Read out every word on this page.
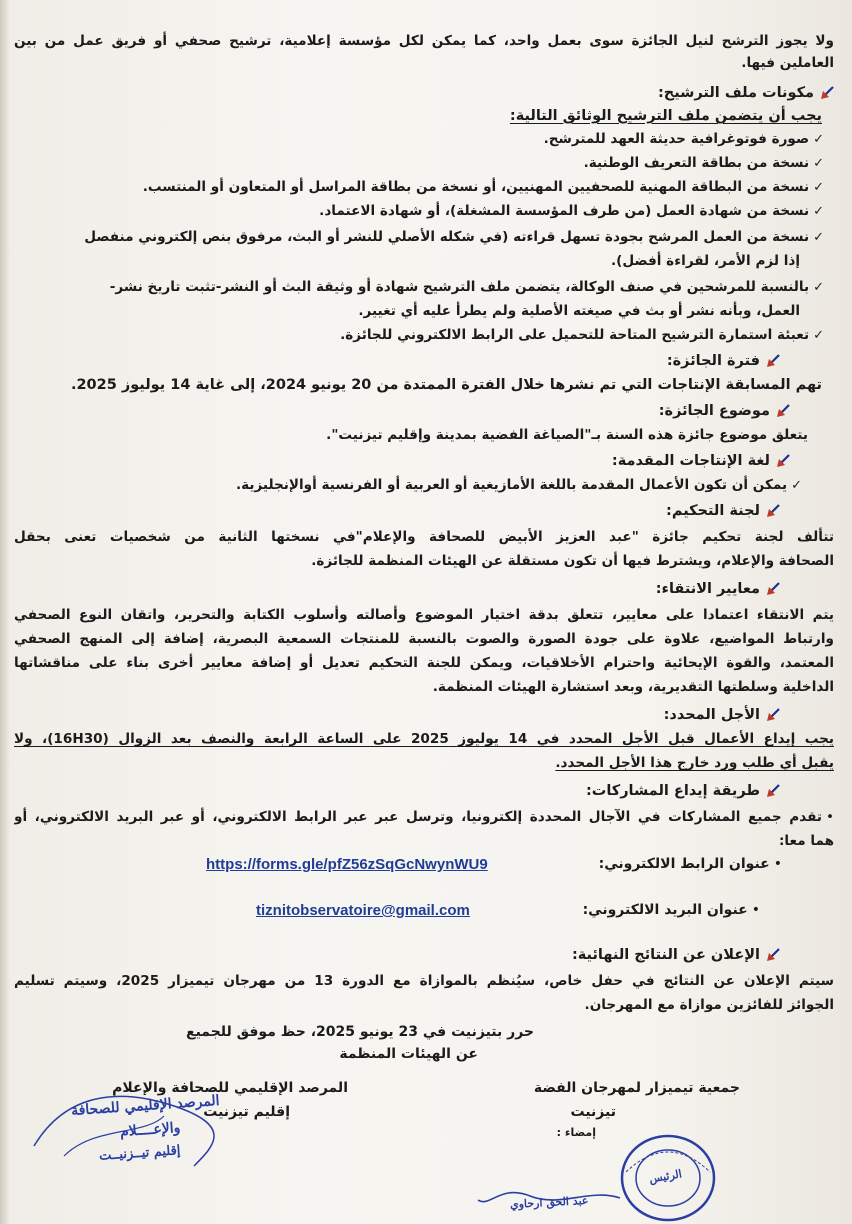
ولا يجوز الترشح لنيل الجائزة سوى بعمل واحد، كما يمكن لكل مؤسسة إعلامية، ترشيح صحفي أو فريق عمل من بين
العاملين فيها.
مكونات ملف الترشيح:
يجب أن يتضمن ملف الترشيح الوثائق التالية:
✓صورة فوتوغرافية حديثة العهد للمترشح.
✓نسخة من بطاقة التعريف الوطنية.
✓نسخة من البطاقة المهنية للصحفيين المهنيين، أو نسخة من بطاقة المراسل أو المتعاون أو المنتسب.
✓نسخة من شهادة العمل (من طرف المؤسسة المشغلة)، أو شهادة الاعتماد.
✓نسخة من العمل المرشح بجودة تسهل قراءته (في شكله الأصلي للنشر أو البث، مرفوق بنص إلكتروني منفصل
إذا لزم الأمر، لقراءة أفضل).
✓بالنسبة للمرشحين في صنف الوكالة، يتضمن ملف الترشيح شهادة أو وثيقة البث أو النشر-تثبت تاريخ نشر-
العمل، وبأنه نشر أو بث في صيغته الأصلية ولم يطرأ عليه أي تغيير.
✓تعبئة استمارة الترشيح المتاحة للتحميل على الرابط الالكتروني للجائزة.
فترة الجائزة:
تهم المسابقة الإنتاجات التي تم نشرها خلال الفترة الممتدة من 20 يونيو 2024، إلى غاية 14 يوليوز 2025.
موضوع الجائزة:
يتعلق موضوع جائزة هذه السنة بـ"الصياغة الفضية بمدينة وإقليم تيزنيت".
لغة الإنتاجات المقدمة:
✓يمكن أن تكون الأعمال المقدمة باللغة الأمازيغية أو العربية أو الفرنسية أوالإنجليزية.
لجنة التحكيم:
تتألف لجنة تحكيم جائزة "عبد العزيز الأبيض للصحافة والإعلام"في نسختها الثانية من شخصيات تعنى بحقل
الصحافة والإعلام، ويشترط فيها أن تكون مستقلة عن الهيئات المنظمة للجائزة.
معايير الانتقاء:
يتم الانتقاء اعتمادا على معايير، تتعلق بدقة اختيار الموضوع وأصالته وأسلوب الكتابة والتحرير، واتقان النوع الصحفي
وارتباط المواضيع، علاوة على جودة الصورة والصوت بالنسبة للمنتجات السمعية البصرية، إضافة إلى المنهج الصحفي
المعتمد، والقوة الإيحائية واحترام الأخلاقيات، ويمكن للجنة التحكيم تعديل أو إضافة معايير أخرى بناء على مناقشاتها
الداخلية وسلطتها التقديرية، وبعد استشارة الهيئات المنظمة.
الأجل المحدد:
يجب إيداع الأعمال قبل الأجل المحدد في 14 يوليوز 2025 على الساعة الرابعة والنصف بعد الزوال (16H30)، ولا
يقبل أي طلب ورد خارج هذا الأجل المحدد.
طريقة إيداع المشاركات:
•تقدم جميع المشاركات في الآجال المحددة إلكترونيا، وترسل عبر عبر الرابط الالكتروني، أو عبر البريد الالكتروني، أو
هما معا:
•عنوان الرابط الالكتروني:
https://forms.gle/pfZ56zSqGcNwynWU9
•عنوان البريد الالكتروني:
tiznitobservatoire@gmail.com
الإعلان عن النتائج النهائية:
سيتم الإعلان عن النتائج في حفل خاص، سيُنظم بالموازاة مع الدورة 13 من مهرجان تيميزار 2025، وسيتم تسليم
الجوائز للفائزين موازاة مع المهرجان.
حرر بتيزنيت في 23 يونيو 2025، حظ موفق للجميع
عن الهيئات المنظمة
المرصد الإقليمي للصحافة والإعلام
إقليم تيزنيت
جمعية تيميزار لمهرجان الفضة
تيزنيت
إمضاء :
المرصد الإقليمي للصحافة
والإعــــلام
إقليم تيــزنيــت
الرئيس
عبد الحق ارحاوي
